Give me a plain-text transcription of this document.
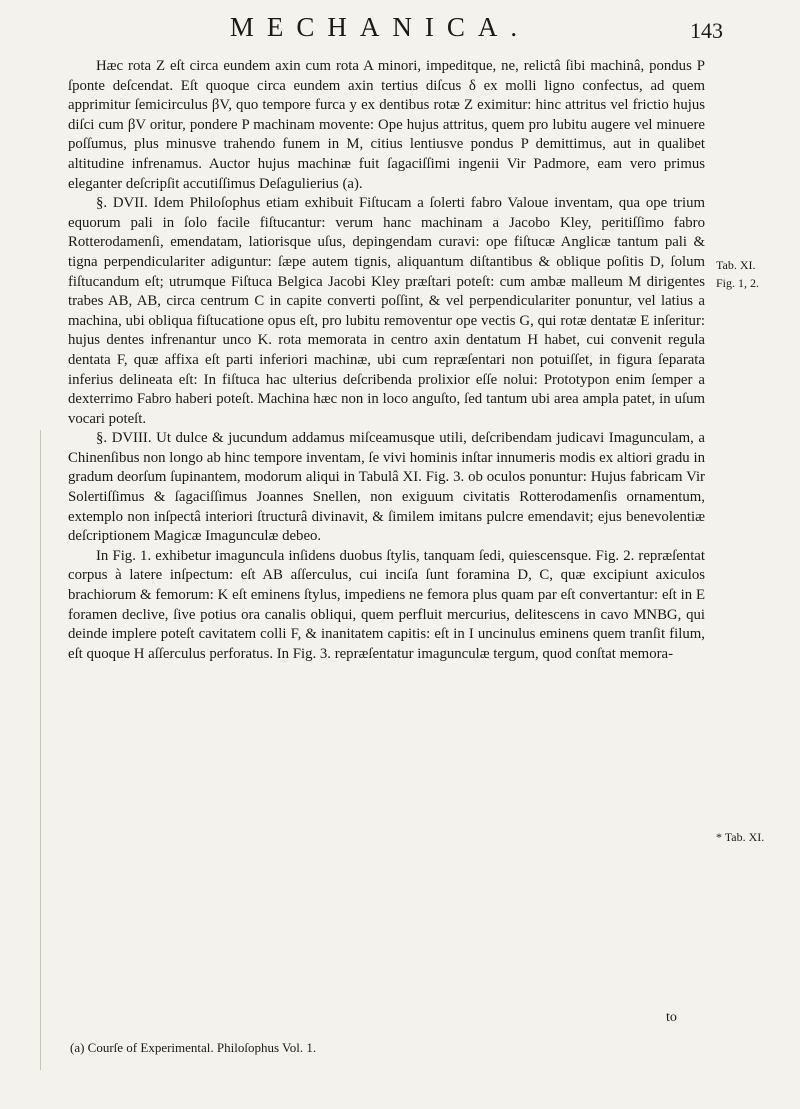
MECHANICA.	143

Hæc rota Z eſt circa eundem axin cum rota A minori, impeditque, ne, relictâ ſibi machinâ, pondus P ſponte deſcendat. Eſt quoque circa eundem axin tertius diſcus δ ex molli ligno confectus, ad quem apprimitur ſemicirculus βV, quo tempore furca y ex dentibus rotæ Z eximitur: hinc attritus vel frictio hujus diſci cum βV oritur, pondere P machinam movente: Ope hujus attritus, quem pro lubitu augere vel minuere poſſumus, plus minusve trahendo funem in M, citius lentiusve pondus P demittimus, aut in qualibet altitudine infrenamus. Auctor hujus machinæ fuit ſagaciſſimi ingenii Vir Padmore, eam vero primus eleganter deſcripſit accutiſſimus Deſagulierius (a).

§. DVII. Idem Philoſophus etiam exhibuit Fiſtucam a ſolerti fabro Valoue inventam, qua ope trium equorum pali in ſolo facile fiſtucantur: verum hanc machinam a Jacobo Kley, peritiſſimo fabro Rotterodamenſi, emendatam, latiorisque uſus, depingendam curavi: ope fiſtucæ Anglicæ tantum pali & tigna perpendiculariter adiguntur: ſæpe autem tignis, aliquantum diſtantibus & oblique poſitis D, ſolum fiſtucandum eſt; utrumque Fiſtuca Belgica Jacobi Kley præſtari poteſt: cum ambæ malleum M dirigentes trabes AB, AB, circa centrum C in capite converti poſſint, & vel perpendiculariter ponuntur, vel latius a machina, ubi obliqua fiſtucatione opus eſt, pro lubitu removentur ope vectis G, qui rotæ dentatæ E inſeritur: hujus dentes infrenantur unco K. rota memorata in centro axin dentatum H habet, cui convenit regula dentata F, quæ affixa eſt parti inferiori machinæ, ubi cum repræſentari non potuiſſet, in figura ſeparata inferius delineata eſt: In fiſtuca hac ulterius deſcribenda prolixior eſſe nolui: Prototypon enim ſemper a dexterrimo Fabro haberi poteſt. Machina hæc non in loco anguſto, ſed tantum ubi area ampla patet, in uſum vocari poteſt.

§. DVIII. Ut dulce & jucundum addamus miſceamusque utili, deſcribendam judicavi Imagunculam, a Chinenſibus non longo ab hinc tempore inventam, ſe vivi hominis inſtar innumeris modis ex altiori gradu in gradum deorſum ſupinantem, modorum aliqui in Tabulâ XI. Fig. 3. ob oculos ponuntur: Hujus fabricam Vir Solertiſſimus & ſagaciſſimus Joannes Snellen, non exiguum civitatis Rotterodamenſis ornamentum, extemplo non inſpectâ interiori ſtructurâ divinavit, & ſimilem imitans pulcre emendavit; ejus benevolentiæ deſcriptionem Magicæ Imagunculæ debeo.

In Fig. 1. exhibetur imaguncula inſidens duobus ſtylis, tanquam ſedi, quiescensque. Fig. 2. repræſentat corpus à latere inſpectum: eſt AB aſſerculus, cui inciſa ſunt foramina D, C, quæ excipiunt axiculos brachiorum & femorum: K eſt eminens ſtylus, impediens ne femora plus quam par eſt convertantur: eſt in E foramen declive, ſive potius ora canalis obliqui, quem perfluit mercurius, delitescens in cavo MNBG, qui deinde implere poteſt cavitatem colli F, & inanitatem capitis: eſt in I uncinulus eminens quem tranſit filum, eſt quoque H aſſerculus perforatus. In Fig. 3. repræſentatur imagunculæ tergum, quod conſtat memora-

Tab. XI.
Fig. 1, 2.
* Tab. XI.
to
(a) Courſe of Experimental. Philoſophus Vol. 1.
